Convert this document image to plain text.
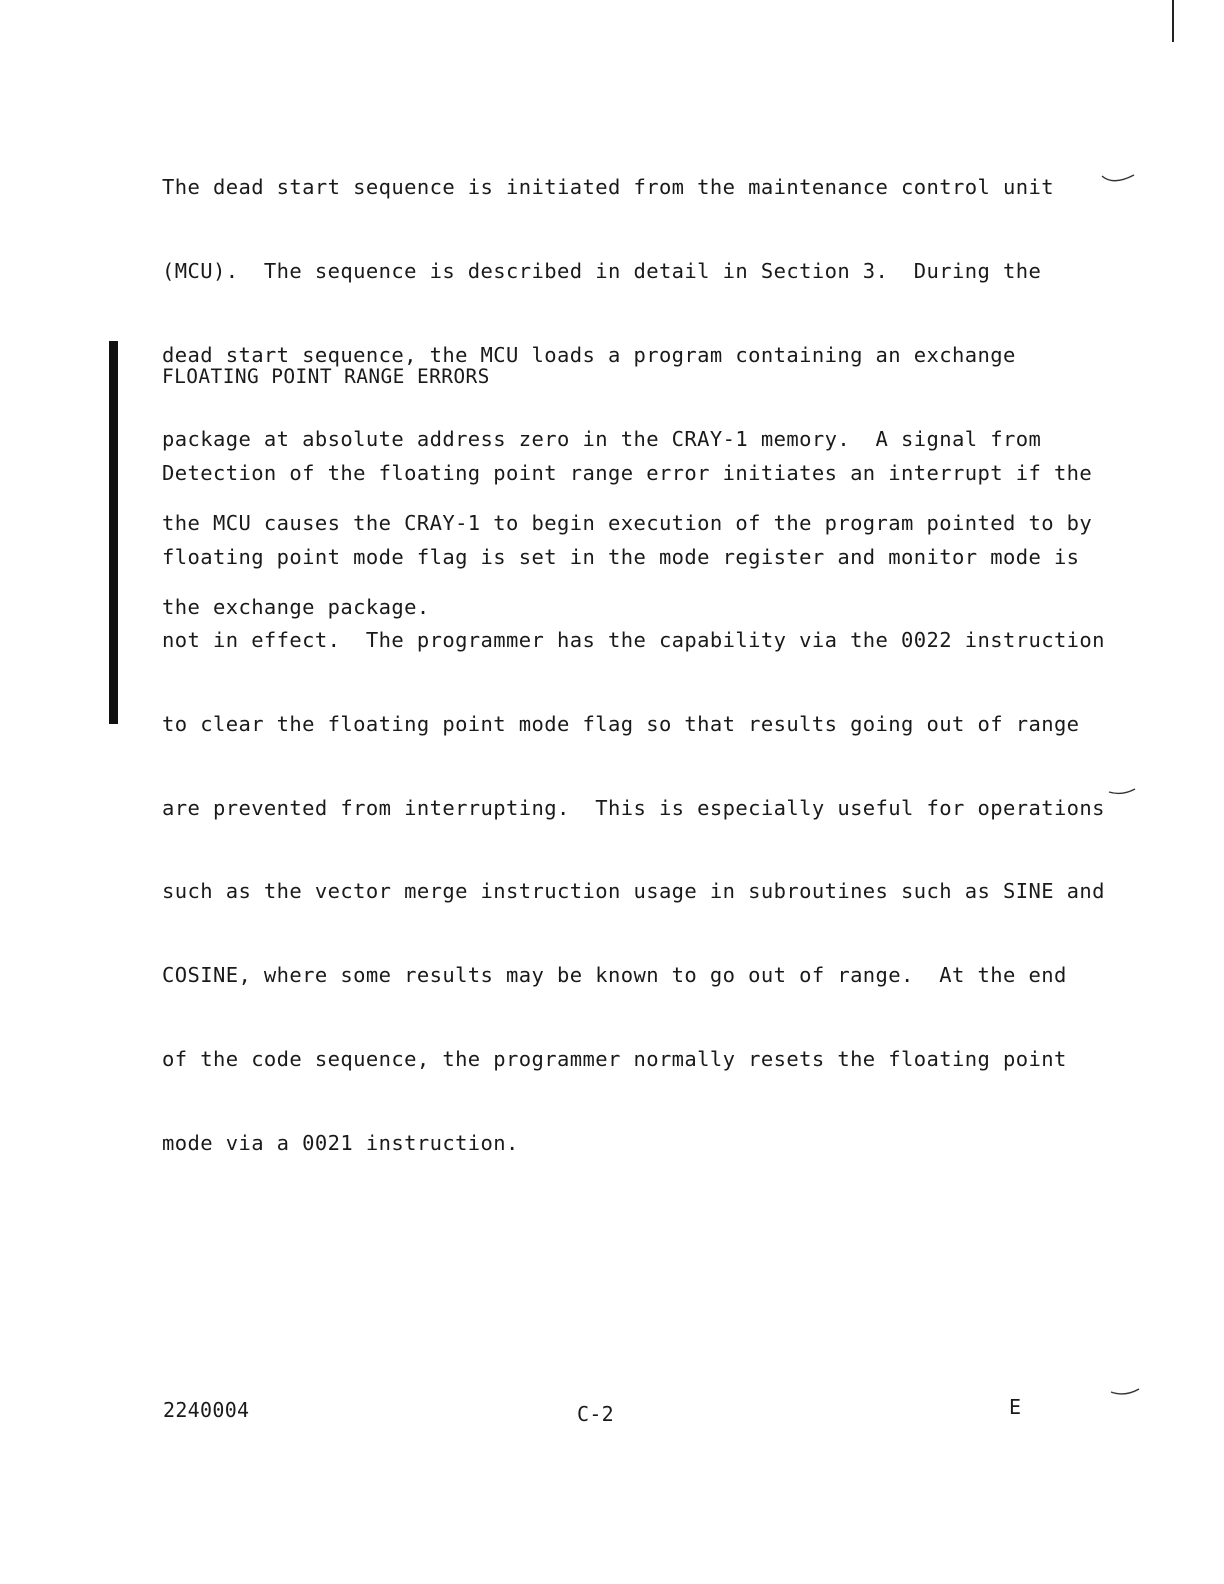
The dead start sequence is initiated from the maintenance control unit

(MCU).  The sequence is described in detail in Section 3.  During the

dead start sequence, the MCU loads a program containing an exchange

package at absolute address zero in the CRAY-1 memory.  A signal from

the MCU causes the CRAY-1 to begin execution of the program pointed to by

the exchange package.

FLOATING POINT RANGE ERRORS

Detection of the floating point range error initiates an interrupt if the

floating point mode flag is set in the mode register and monitor mode is

not in effect.  The programmer has the capability via the 0022 instruction

to clear the floating point mode flag so that results going out of range

are prevented from interrupting.  This is especially useful for operations

such as the vector merge instruction usage in subroutines such as SINE and

COSINE, where some results may be known to go out of range.  At the end

of the code sequence, the programmer normally resets the floating point

mode via a 0021 instruction.

2240004	C-2	E
